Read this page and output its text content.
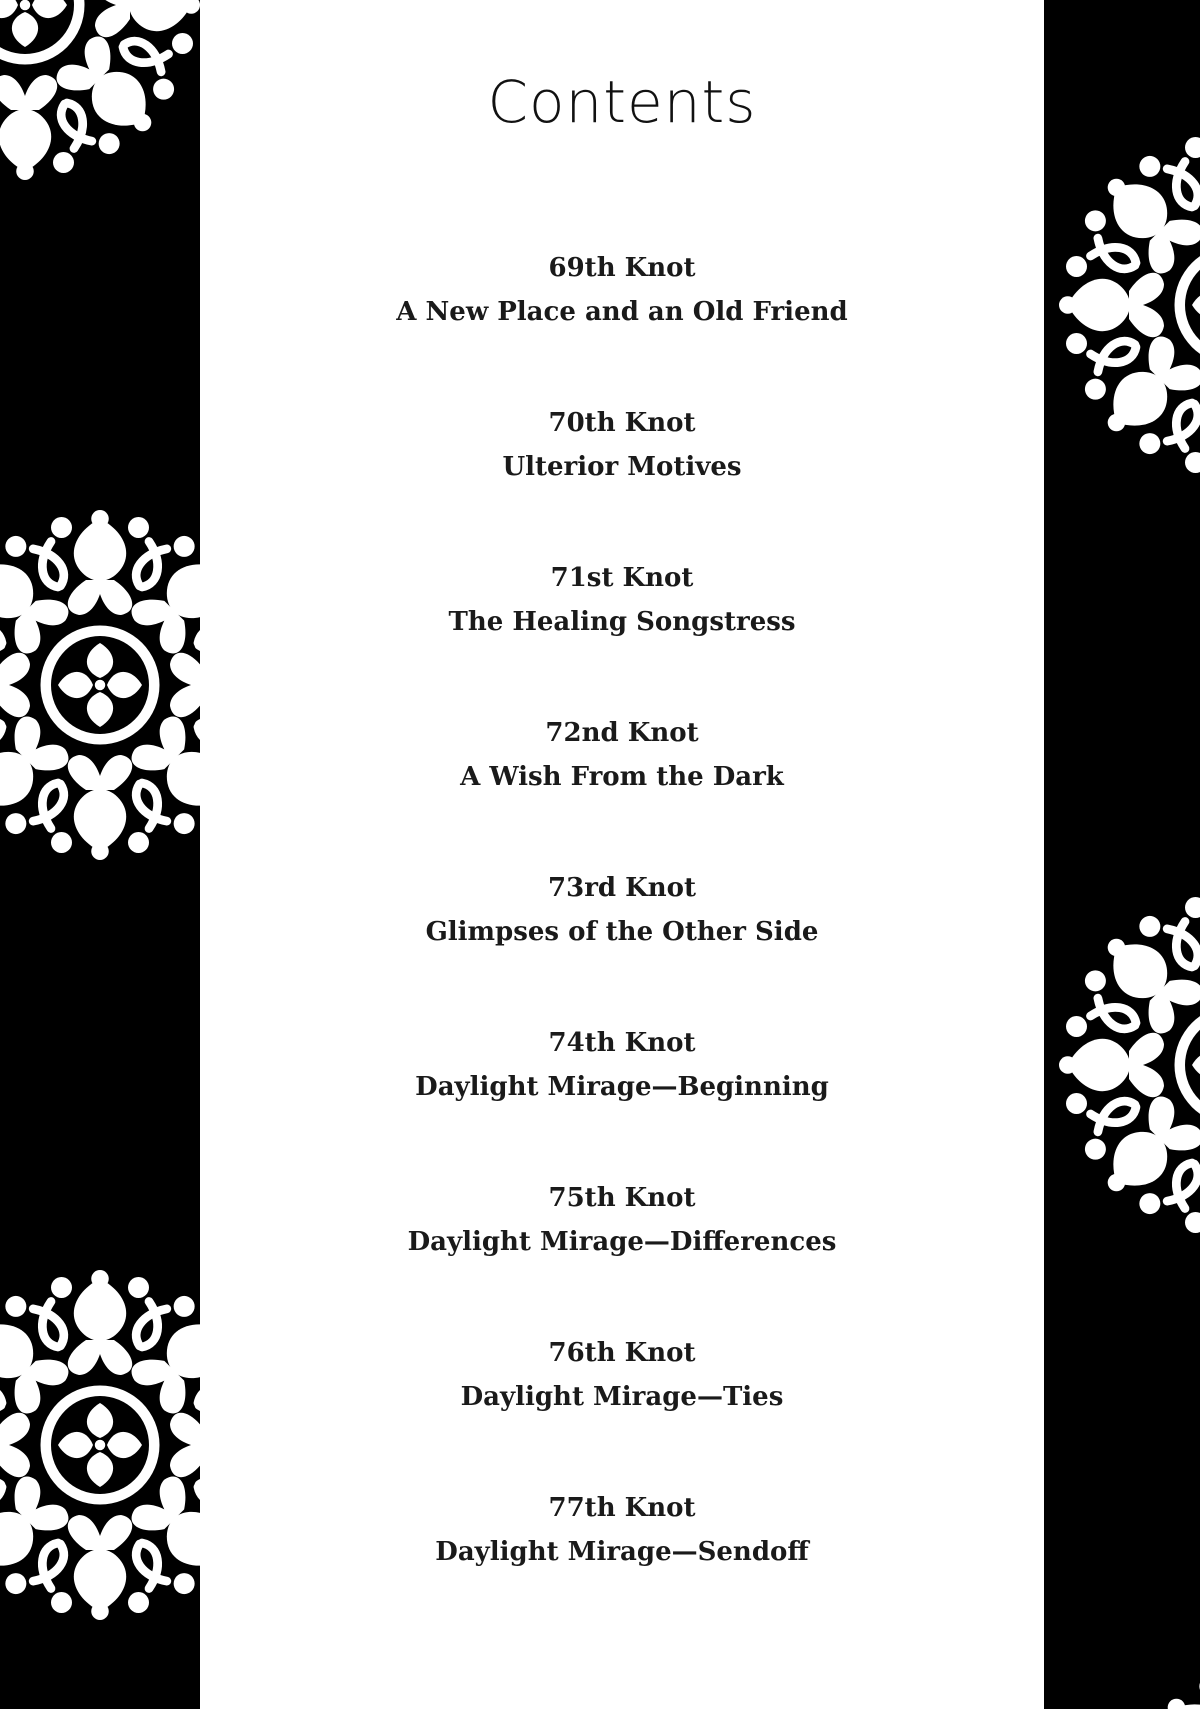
Contents
69th Knot
A New Place and an Old Friend
70th Knot
Ulterior Motives
71st Knot
The Healing Songstress
72nd Knot
A Wish From the Dark
73rd Knot
Glimpses of the Other Side
74th Knot
Daylight Mirage—Beginning
75th Knot
Daylight Mirage—Differences
76th Knot
Daylight Mirage—Ties
77th Knot
Daylight Mirage—Sendoff
